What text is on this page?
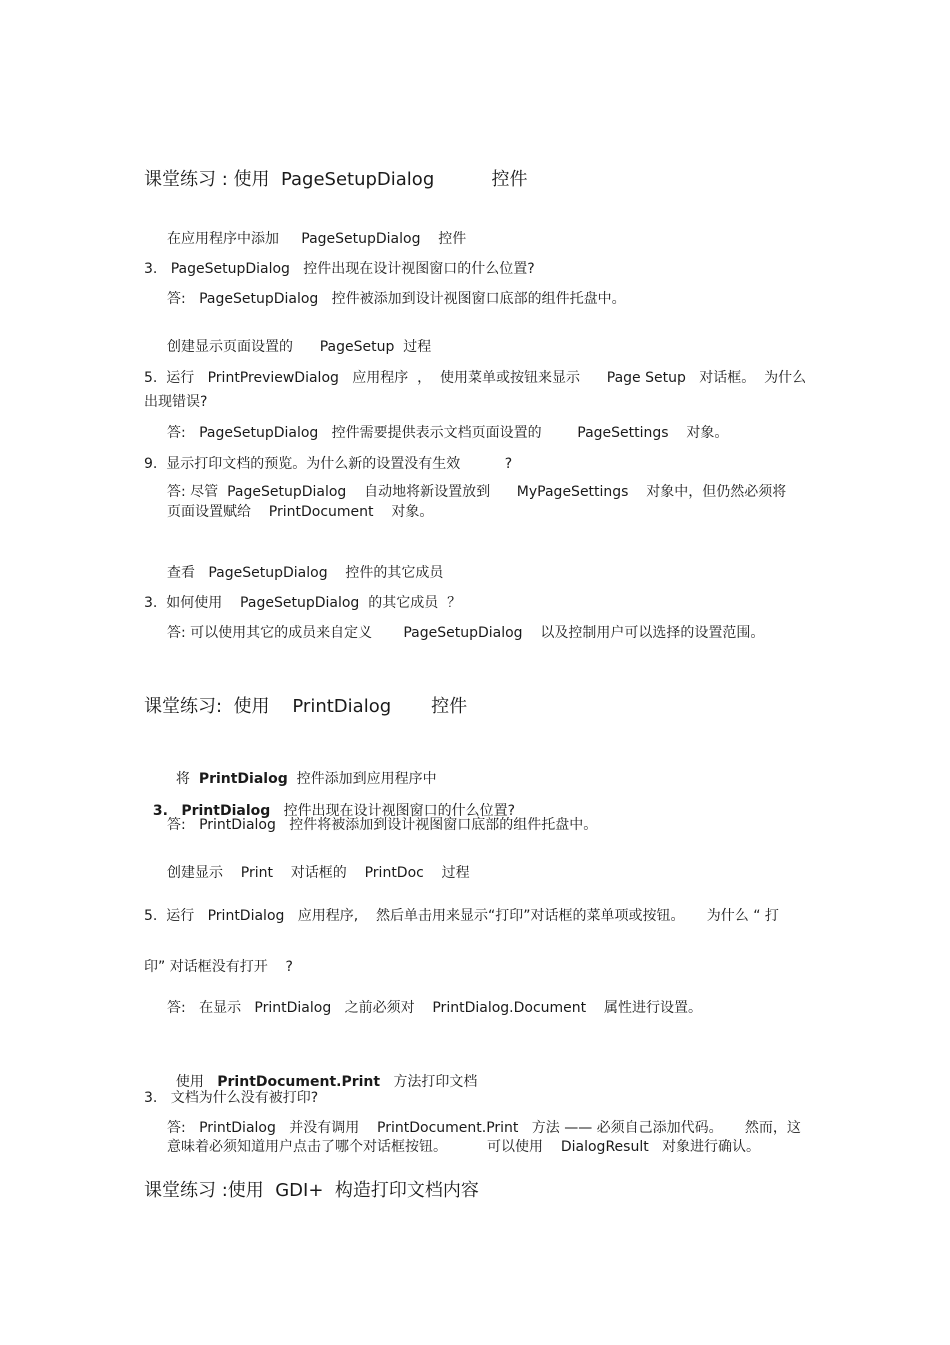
课堂练习 : 使用  PageSetupDialog          控件
在应用程序中添加     PageSetupDialog    控件
3.   PageSetupDialog   控件出现在设计视图窗口的什么位置?
答:   PageSetupDialog   控件被添加到设计视图窗口底部的组件托盘中。
创建显示页面设置的      PageSetup  过程
5.  运行   PrintPreviewDialog   应用程序  ，  使用菜单或按钮来显示      Page Setup   对话框。  为什么
出现错误?
答:   PageSetupDialog   控件需要提供表示文档页面设置的        PageSettings    对象。
9.  显示打印文档的预览。为什么新的设置没有生效          ?
答: 尽管  PageSetupDialog    自动地将新设置放到      MyPageSettings    对象中，但仍然必须将
页面设置赋给    PrintDocument    对象。
查看   PageSetupDialog    控件的其它成员
3.  如何使用    PageSetupDialog  的其它成员  ？
答: 可以使用其它的成员来自定义       PageSetupDialog    以及控制用户可以选择的设置范围。
课堂练习:  使用    PrintDialog       控件

将 PrintDialog 控件添加到应用程序中

3. PrintDialog 控件出现在设计视图窗口的什么位置?

答:   PrintDialog   控件将被添加到设计视图窗口底部的组件托盘中。
创建显示    Print    对话框的    PrintDoc    过程
5.  运行   PrintDialog   应用程序,    然后单击用来显示“打印”对话框的菜单项或按钮。     为什么 “ 打
印” 对话框没有打开    ?
答:   在显示   PrintDialog   之前必须对    PrintDialog.Document    属性进行设置。

使用 PrintDocument.Print 方法打印文档

3.   文档为什么没有被打印?
答:   PrintDialog   并没有调用    PrintDocument.Print   方法 —— 必须自己添加代码。     然而，这
意味着必须知道用户点击了哪个对话框按钮。         可以使用    DialogResult   对象进行确认。
课堂练习 :使用  GDI+  构造打印文档内容
